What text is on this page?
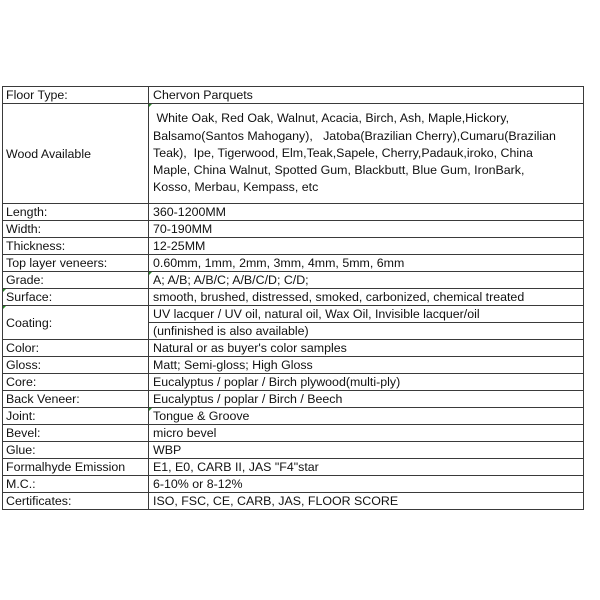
Floor Type:	Chervon Parquets
Wood Available	White Oak, Red Oak, Walnut, Acacia, Birch, Ash, Maple,Hickory,
Balsamo(Santos Mahogany),   Jatoba(Brazilian Cherry),Cumaru(Brazilian
Teak),  Ipe, Tigerwood, Elm,Teak,Sapele, Cherry,Padauk,iroko, China
Maple, China Walnut, Spotted Gum, Blackbutt, Blue Gum, IronBark,
Kosso, Merbau, Kempass, etc

Length:	360-1200MM
Width:	70-190MM
Thickness:	12-25MM
Top layer veneers:	0.60mm, 1mm, 2mm, 3mm, 4mm, 5mm, 6mm
Grade:	A; A/B; A/B/C; A/B/C/D; C/D;
Surface:	smooth, brushed, distressed, smoked, carbonized, chemical treated
Coating:	UV lacquer / UV oil, natural oil, Wax Oil, Invisible lacquer/oil
(unfinished is also available)

Color:	Natural or as buyer's color samples
Gloss:	Matt; Semi-gloss; High Gloss
Core:	Eucalyptus / poplar / Birch plywood(multi-ply)
Back Veneer:	Eucalyptus / poplar / Birch / Beech
Joint:	Tongue & Groove
Bevel:	micro bevel
Glue:	WBP
Formalhyde Emission	E1, E0, CARB II, JAS "F4"star
M.C.:	6-10% or 8-12%
Certificates:	ISO, FSC, CE, CARB, JAS, FLOOR SCORE
